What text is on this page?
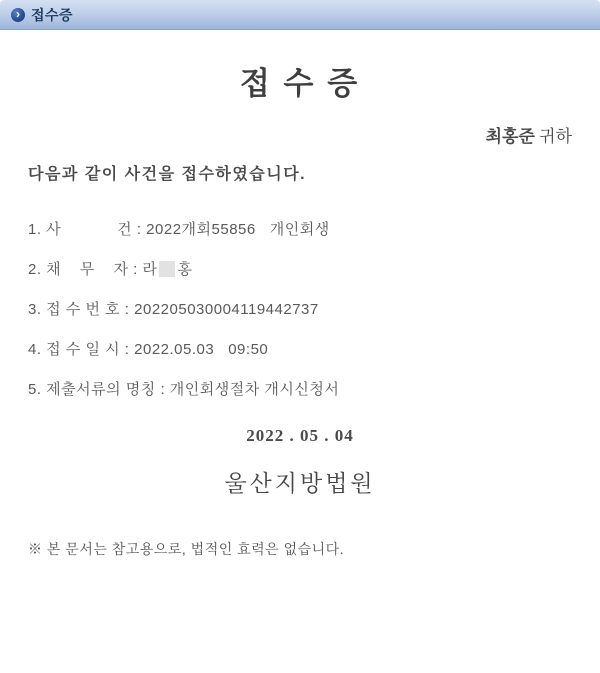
› 접수증
접 수 증
최홍준 귀하
다음과 같이 사건을 접수하였습니다.
1. 사            건 : 2022개회55856   개인회생
2. 채    무    자 : 라 홍
3. 접 수 번 호 : 202205030004119442737
4. 접 수 일 시 : 2022.05.03   09:50
5. 제출서류의 명칭 : 개인회생절차 개시신청서
2022 . 05 . 04
울산지방법원
※ 본 문서는 참고용으로, 법적인 효력은 없습니다.
